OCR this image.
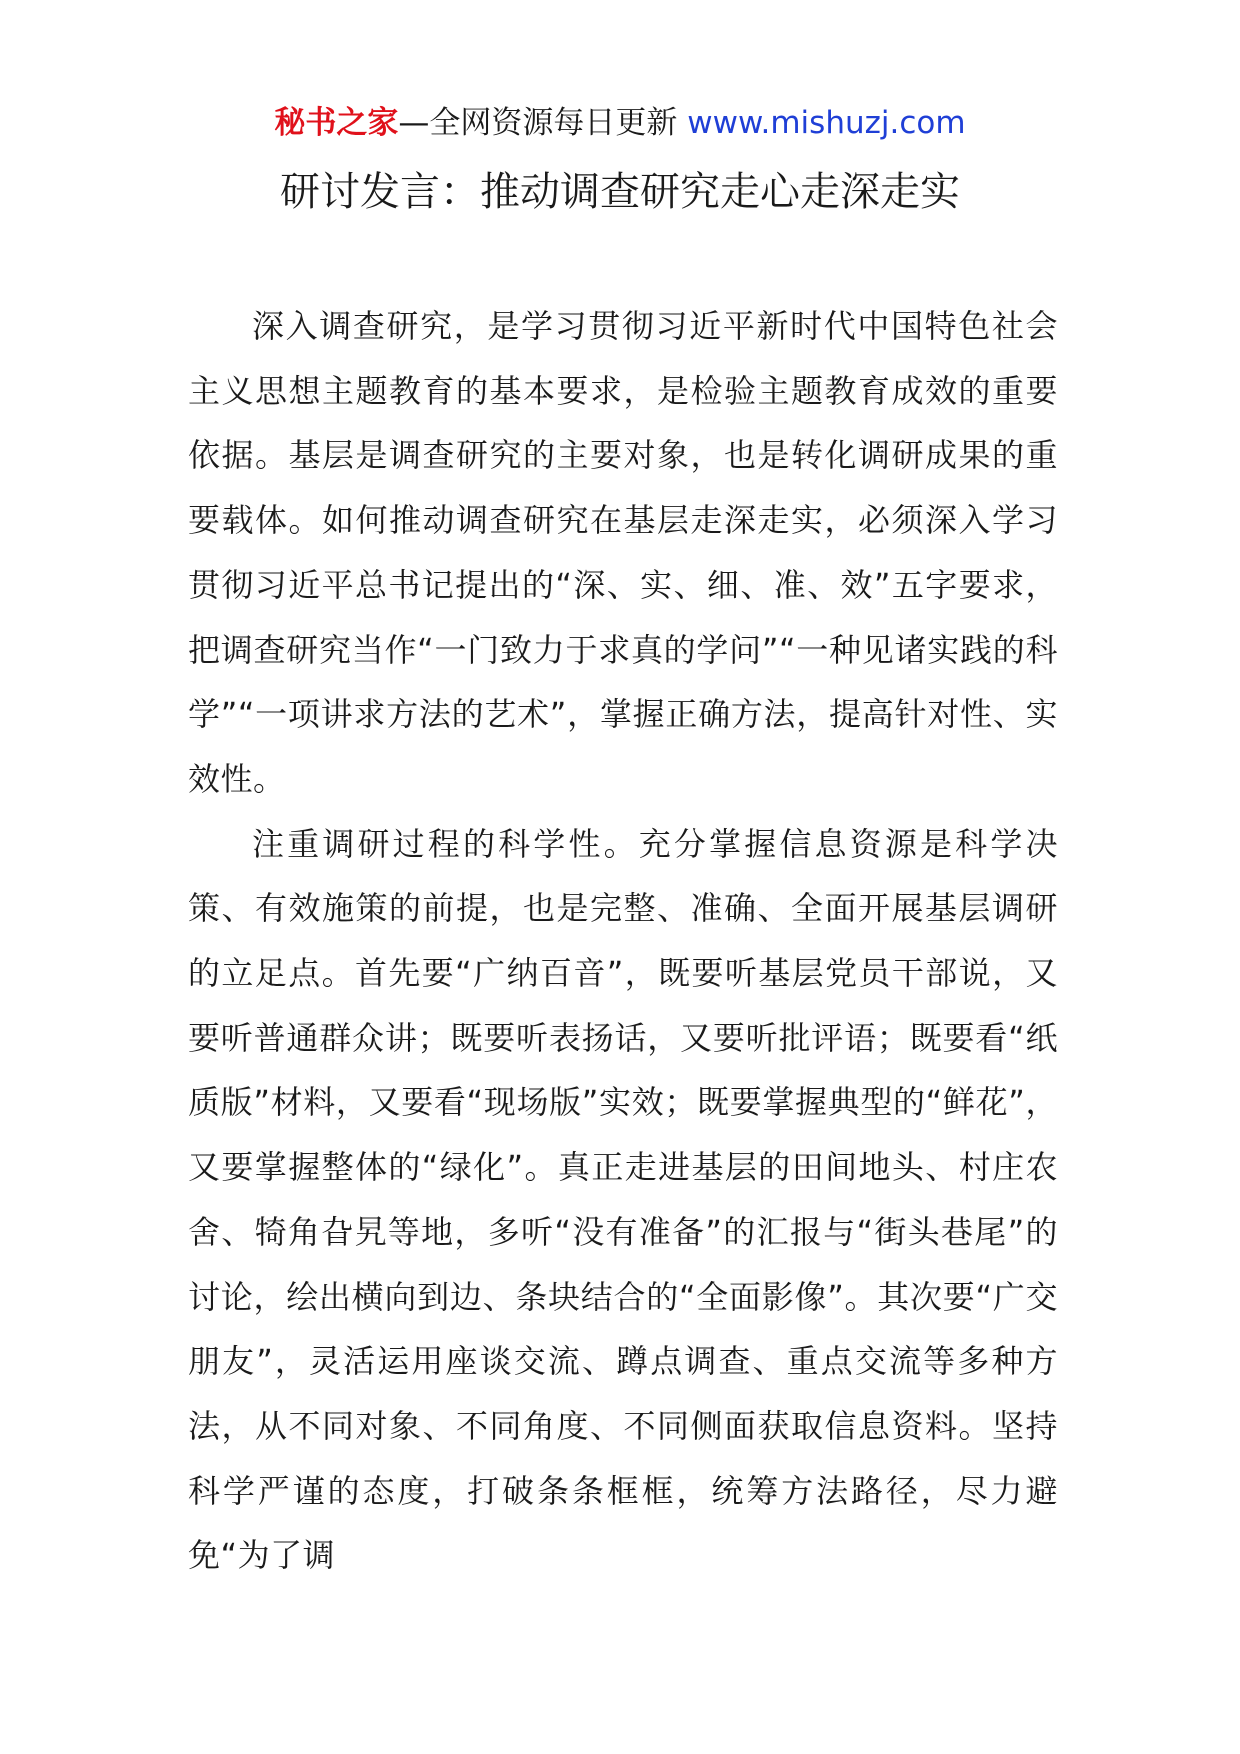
秘书之家—全网资源每日更新 www.mishuzj.com
研讨发言：推动调查研究走心走深走实

深入调查研究，是学习贯彻习近平新时代中国特色社会主义思想主题教育的基本要求，是检验主题教育成效的重要依据。基层是调查研究的主要对象，也是转化调研成果的重要载体。如何推动调查研究在基层走深走实，必须深入学习贯彻习近平总书记提出的“深、实、细、准、效”五字要求，把调查研究当作“一门致力于求真的学问”“一种见诸实践的科学”“一项讲求方法的艺术”，掌握正确方法，提高针对性、实效性。

注重调研过程的科学性。充分掌握信息资源是科学决策、有效施策的前提，也是完整、准确、全面开展基层调研的立足点。首先要“广纳百音”，既要听基层党员干部说，又要听普通群众讲；既要听表扬话，又要听批评语；既要看“纸质版”材料，又要看“现场版”实效；既要掌握典型的“鲜花”，又要掌握整体的“绿化”。真正走进基层的田间地头、村庄农舍、犄角旮旯等地，多听“没有准备”的汇报与“街头巷尾”的讨论，绘出横向到边、条块结合的“全面影像”。其次要“广交朋友”，灵活运用座谈交流、蹲点调查、重点交流等多种方法，从不同对象、不同角度、不同侧面获取信息资料。坚持科学严谨的态度，打破条条框框，统筹方法路径，尽力避免“为了调
